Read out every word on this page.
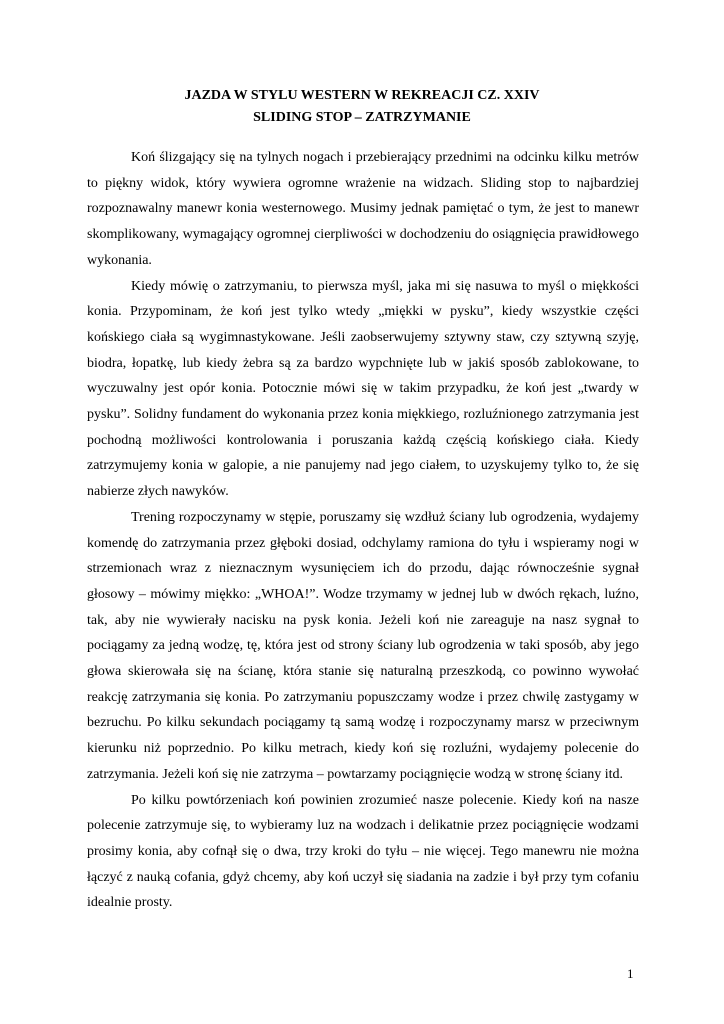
JAZDA W STYLU WESTERN W REKREACJI CZ. XXIV
SLIDING STOP – ZATRZYMANIE

Koń ślizgający się na tylnych nogach i przebierający przednimi na odcinku kilku metrów to piękny widok, który wywiera ogromne wrażenie na widzach. Sliding stop to najbardziej rozpoznawalny manewr konia westernowego. Musimy jednak pamiętać o tym, że jest to manewr skomplikowany, wymagający ogromnej cierpliwości w dochodzeniu do osiągnięcia prawidłowego wykonania.

Kiedy mówię o zatrzymaniu, to pierwsza myśl, jaka mi się nasuwa to myśl o miękkości konia. Przypominam, że koń jest tylko wtedy „miękki w pysku”, kiedy wszystkie części końskiego ciała są wygimnastykowane. Jeśli zaobserwujemy sztywny staw, czy sztywną szyję, biodra, łopatkę, lub kiedy żebra są za bardzo wypchnięte lub w jakiś sposób zablokowane, to wyczuwalny jest opór konia. Potocznie mówi się w takim przypadku, że koń jest „twardy w pysku”. Solidny fundament do wykonania przez konia miękkiego, rozluźnionego zatrzymania jest pochodną możliwości kontrolowania i poruszania każdą częścią końskiego ciała. Kiedy zatrzymujemy konia w galopie, a nie panujemy nad jego ciałem, to uzyskujemy tylko to, że się nabierze złych nawyków.

Trening rozpoczynamy w stępie, poruszamy się wzdłuż ściany lub ogrodzenia, wydajemy komendę do zatrzymania przez głęboki dosiad, odchylamy ramiona do tyłu i wspieramy nogi w strzemionach wraz z nieznacznym wysunięciem ich do przodu, dając równocześnie sygnał głosowy – mówimy miękko: „WHOA!”. Wodze trzymamy w jednej lub w dwóch rękach, luźno, tak, aby nie wywierały nacisku na pysk konia. Jeżeli koń nie zareaguje na nasz sygnał to pociągamy za jedną wodzę, tę, która jest od strony ściany lub ogrodzenia w taki sposób, aby jego głowa skierowała się na ścianę, która stanie się naturalną przeszkodą, co powinno wywołać reakcję zatrzymania się konia. Po zatrzymaniu popuszczamy wodze i przez chwilę zastygamy w bezruchu. Po kilku sekundach pociągamy tą samą wodzę i rozpoczynamy marsz w przeciwnym kierunku niż poprzednio. Po kilku metrach, kiedy koń się rozluźni, wydajemy polecenie do zatrzymania. Jeżeli koń się nie zatrzyma – powtarzamy pociągnięcie wodzą w stronę ściany itd.

Po kilku powtórzeniach koń powinien zrozumieć nasze polecenie. Kiedy koń na nasze polecenie zatrzymuje się, to wybieramy luz na wodzach i delikatnie przez pociągnięcie wodzami prosimy konia, aby cofnął się o dwa, trzy kroki do tyłu – nie więcej. Tego manewru nie można łączyć z nauką cofania, gdyż chcemy, aby koń uczył się siadania na zadzie i był przy tym cofaniu idealnie prosty.

1
